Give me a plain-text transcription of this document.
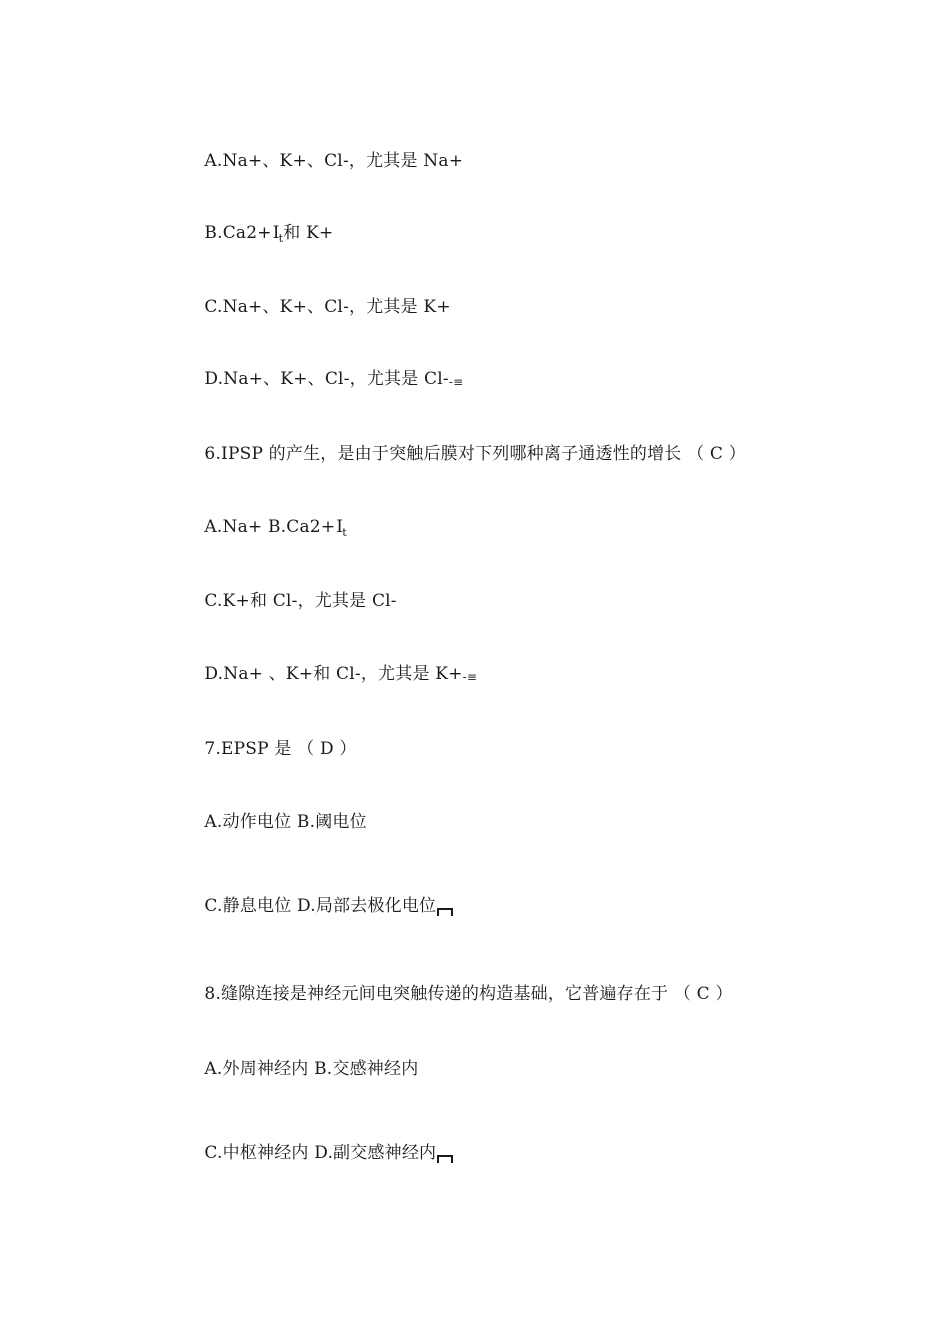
A.Na+、K+、Cl-，尤其是 Na+

$B.Ca2+I_t$和 K+

C.Na+、K+、Cl-，尤其是 K+

D.Na+、K+、Cl-，尤其是 Cl--≡

6.IPSP 的产生，是由于突触后膜对下列哪种离子通透性的增长 （ C ）

$A.Na+ B.Ca2+I_t$

C.K+和 Cl-，尤其是 Cl-

D.Na+ 、K+和 Cl-，尤其是 K+-≡

7.EPSP 是 （ D ）

A.动作电位 B.阈电位

C.静息电位 D.局部去极化电位

8.缝隙连接是神经元间电突触传递的构造基础，它普遍存在于 （ C ）

A.外周神经内 B.交感神经内

C.中枢神经内 D.副交感神经内
